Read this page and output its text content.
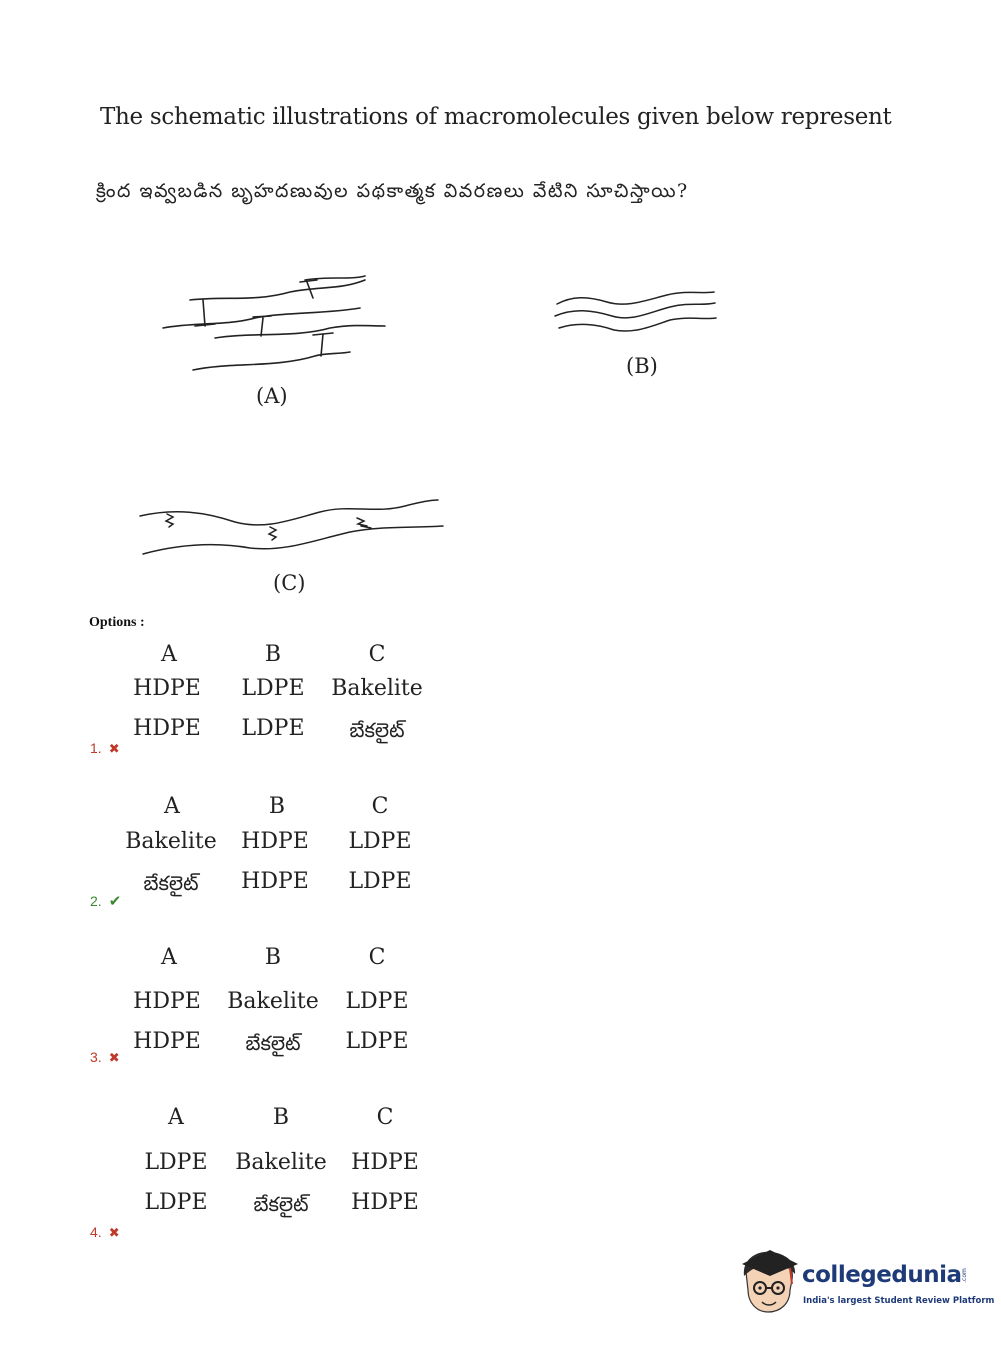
The schematic illustrations of macromolecules given below represent
క్రింద ఇవ్వబడిన బృహదణువుల పథకాత్మక వివరణలు వేటిని సూచిస్తాయి?
(A)
(B)
(C)
Options :
A	B	C
HDPE	LDPE	Bakelite
HDPE	LDPE	బేకలైట్
1. ✖
A	B	C
Bakelite	HDPE	LDPE
బేకలైట్	HDPE	LDPE
2. ✔
A	B	C
HDPE	Bakelite	LDPE
HDPE	బేకలైట్	LDPE
3. ✖
A	B	C
LDPE	Bakelite	HDPE
LDPE	బేకలైట్	HDPE
4. ✖
collegedunia .com
India's largest Student Review Platform
